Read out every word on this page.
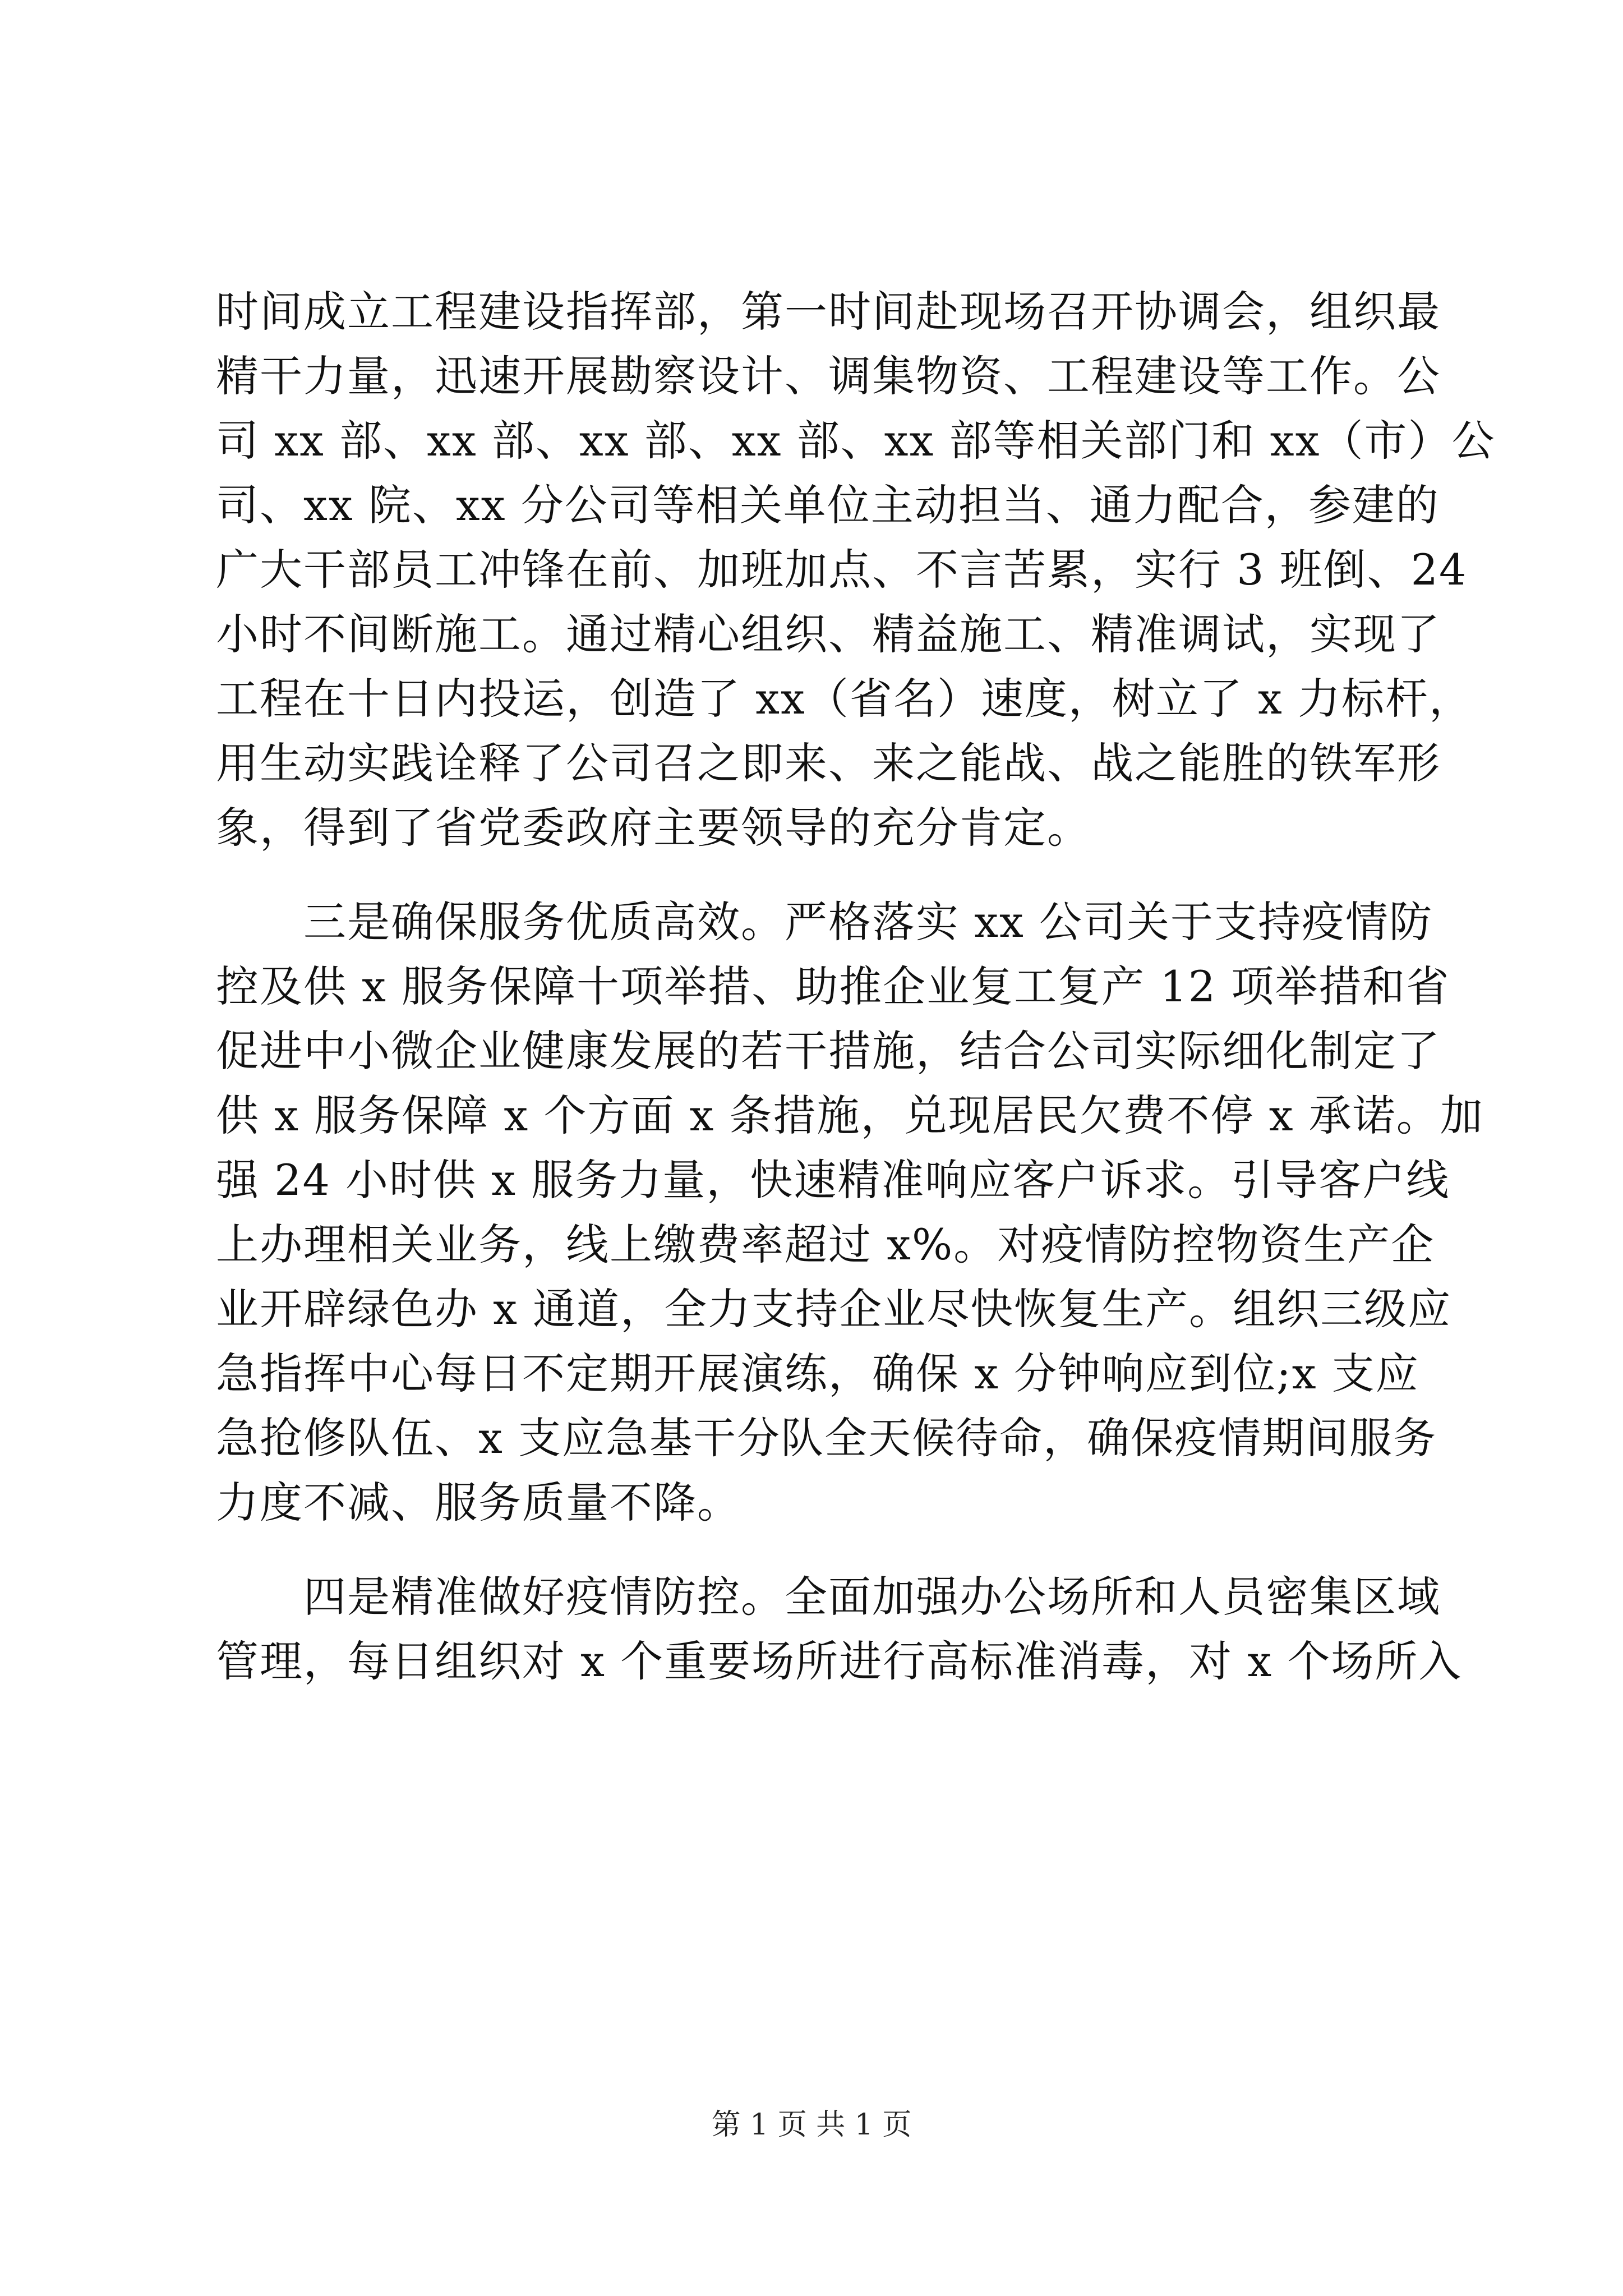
时间成立工程建设指挥部，第一时间赴现场召开协调会，组织最
精干力量，迅速开展勘察设计、调集物资、工程建设等工作。公
司 xx 部、xx 部、xx 部、xx 部、xx 部等相关部门和 xx（市）公
司、xx 院、xx 分公司等相关单位主动担当、通力配合，参建的
广大干部员工冲锋在前、加班加点、不言苦累，实行 3 班倒、24
小时不间断施工。通过精心组织、精益施工、精准调试，实现了
工程在十日内投运，创造了 xx（省名）速度，树立了 x 力标杆，
用生动实践诠释了公司召之即来、来之能战、战之能胜的铁军形
象，得到了省党委政府主要领导的充分肯定。
　　三是确保服务优质高效。严格落实 xx 公司关于支持疫情防
控及供 x 服务保障十项举措、助推企业复工复产 12 项举措和省
促进中小微企业健康发展的若干措施，结合公司实际细化制定了
供 x 服务保障 x 个方面 x 条措施，兑现居民欠费不停 x 承诺。加
强 24 小时供 x 服务力量，快速精准响应客户诉求。引导客户线
上办理相关业务，线上缴费率超过 x%。对疫情防控物资生产企
业开辟绿色办 x 通道，全力支持企业尽快恢复生产。组织三级应
急指挥中心每日不定期开展演练，确保 x 分钟响应到位;x 支应
急抢修队伍、x 支应急基干分队全天候待命，确保疫情期间服务
力度不减、服务质量不降。
　　四是精准做好疫情防控。全面加强办公场所和人员密集区域
管理，每日组织对 x 个重要场所进行高标准消毒，对 x 个场所入
第 1 页 共 1 页
